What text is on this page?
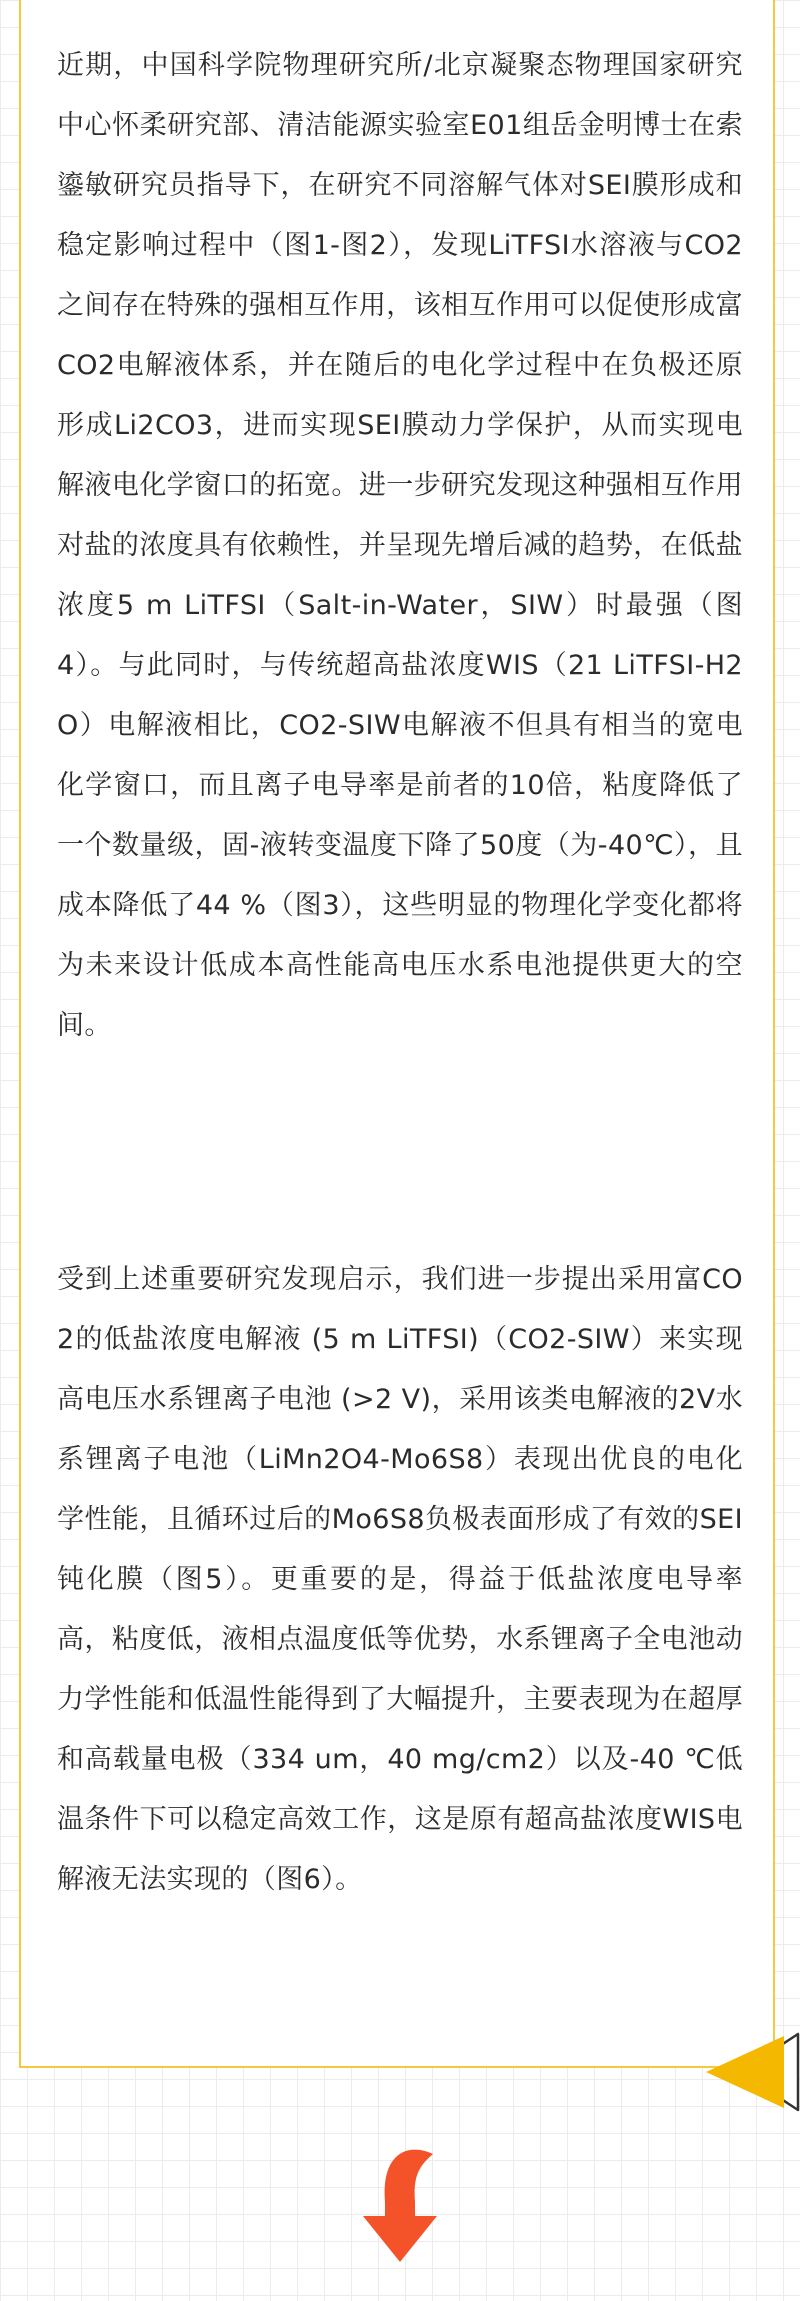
近期，中国科学院物理研究所/北京凝聚态物理国家研究中心怀柔研究部、清洁能源实验室E01组岳金明博士在索鎏敏研究员指导下，在研究不同溶解气体对SEI膜形成和稳定影响过程中（图1-图2），发现LiTFSI水溶液与CO2之间存在特殊的强相互作用，该相互作用可以促使形成富CO2电解液体系，并在随后的电化学过程中在负极还原形成Li2CO3，进而实现SEI膜动力学保护，从而实现电解液电化学窗口的拓宽。进一步研究发现这种强相互作用对盐的浓度具有依赖性，并呈现先增后减的趋势，在低盐浓度5 m LiTFSI（Salt-in-Water，SIW）时最强（图4）。与此同时，与传统超高盐浓度WIS（21 LiTFSI-H2O）电解液相比，CO2-SIW电解液不但具有相当的宽电化学窗口，而且离子电导率是前者的10倍，粘度降低了一个数量级，固-液转变温度下降了50度（为-40℃），且成本降低了44 %（图3），这些明显的物理化学变化都将为未来设计低成本高性能高电压水系电池提供更大的空间。

受到上述重要研究发现启示，我们进一步提出采用富CO2的低盐浓度电解液 (5 m LiTFSI)（CO2-SIW）来实现高电压水系锂离子电池 (>2 V)，采用该类电解液的2V水系锂离子电池（LiMn2O4-Mo6S8）表现出优良的电化学性能，且循环过后的Mo6S8负极表面形成了有效的SEI钝化膜（图5）。更重要的是，得益于低盐浓度电导率高，粘度低，液相点温度低等优势，水系锂离子全电池动力学性能和低温性能得到了大幅提升，主要表现为在超厚和高载量电极（334 um，40 mg/cm2）以及-40 ℃低温条件下可以稳定高效工作，这是原有超高盐浓度WIS电解液无法实现的（图6）。
